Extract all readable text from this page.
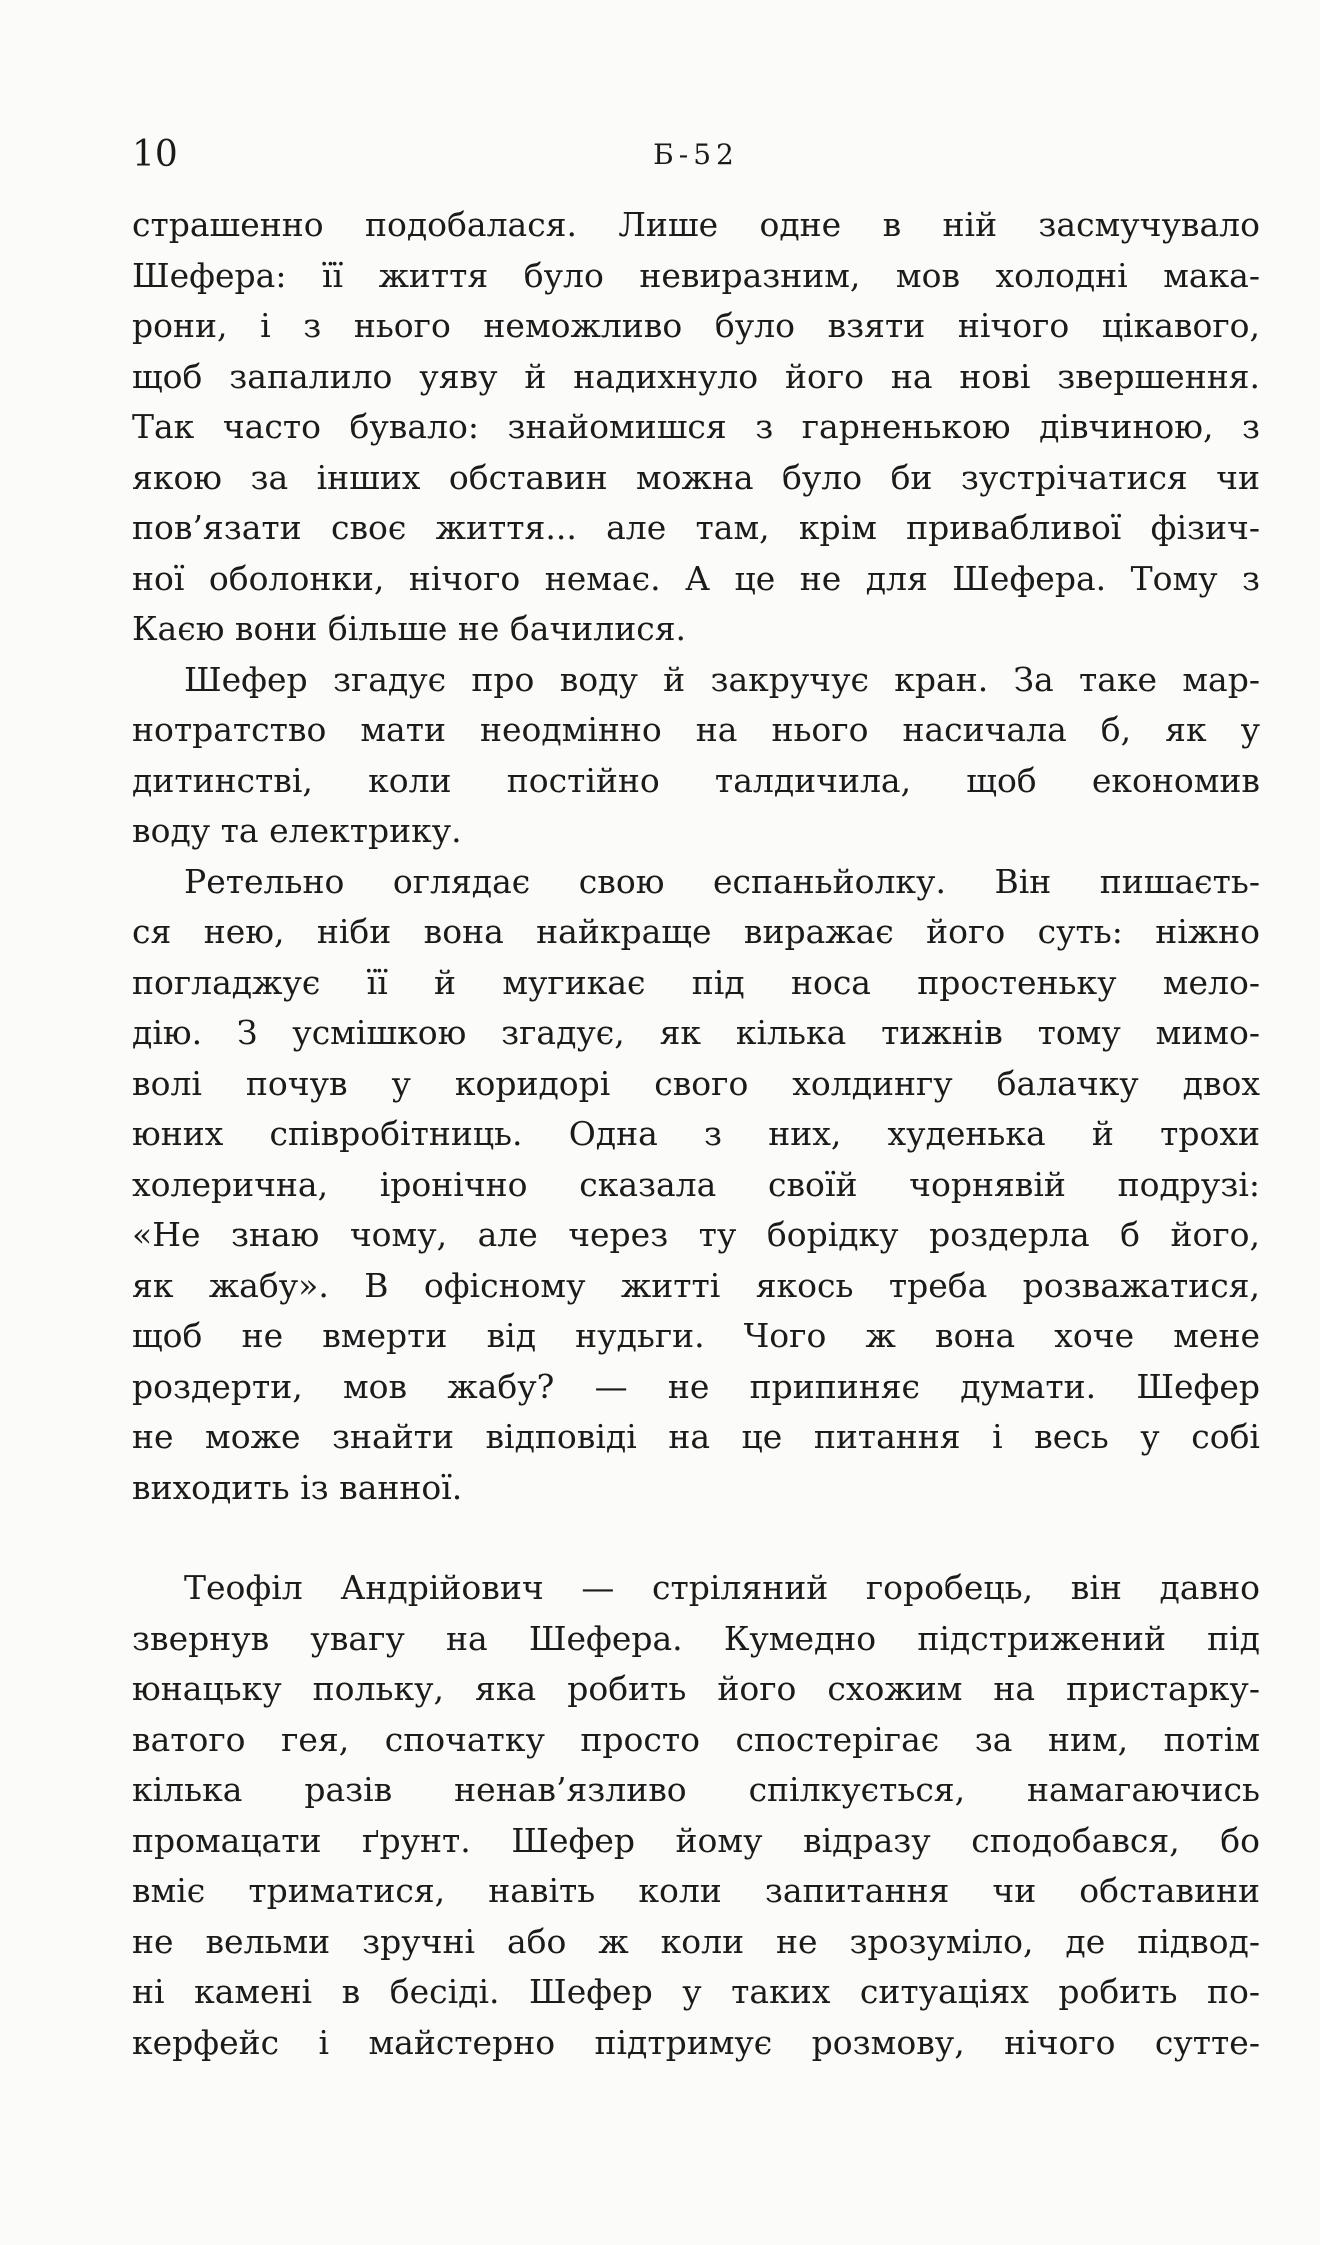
10	Б-52

страшенно подобалася. Лише одне в ній засмучувало
Шефера: її життя було невиразним, мов холодні мака-
рони, і з нього неможливо було взяти нічого цікавого,
щоб запалило уяву й надихнуло його на нові звершення.
Так часто бувало: знайомишся з гарненькою дівчиною, з
якою за інших обставин можна було би зустрічатися чи
пов’язати своє життя... але там, крім привабливої фізич-
ної оболонки, нічого немає. А це не для Шефера. Тому з
Каєю вони більше не бачилися.

Шефер згадує про воду й закручує кран. За таке мар-
нотратство мати неодмінно на нього насичала б, як у
дитинстві, коли постійно талдичила, щоб економив
воду та електрику.

Ретельно оглядає свою еспаньйолку. Він пишаєть-
ся нею, ніби вона найкраще виражає його суть: ніжно
погладжує її й мугикає під носа простеньку мело-
дію. З усмішкою згадує, як кілька тижнів тому мимо-
волі почув у коридорі свого холдингу балачку двох
юних співробітниць. Одна з них, худенька й трохи
холерична, іронічно сказала своїй чорнявій подрузі:
«Не знаю чому, але через ту борідку роздерла б його,
як жабу». В офісному житті якось треба розважатися,
щоб не вмерти від нудьги. Чого ж вона хоче мене
роздерти, мов жабу? — не припиняє думати. Шефер
не може знайти відповіді на це питання і весь у собі
виходить із ванної.

Теофіл Андрійович — стріляний горобець, він давно
звернув увагу на Шефера. Кумедно підстрижений під
юнацьку польку, яка робить його схожим на пристарку-
ватого гея, спочатку просто спостерігає за ним, потім
кілька разів ненав’язливо спілкується, намагаючись
промацати ґрунт. Шефер йому відразу сподобався, бо
вміє триматися, навіть коли запитання чи обставини
не вельми зручні або ж коли не зрозуміло, де підвод-
ні камені в бесіді. Шефер у таких ситуаціях робить по-
керфейс і майстерно підтримує розмову, нічого сутте-
